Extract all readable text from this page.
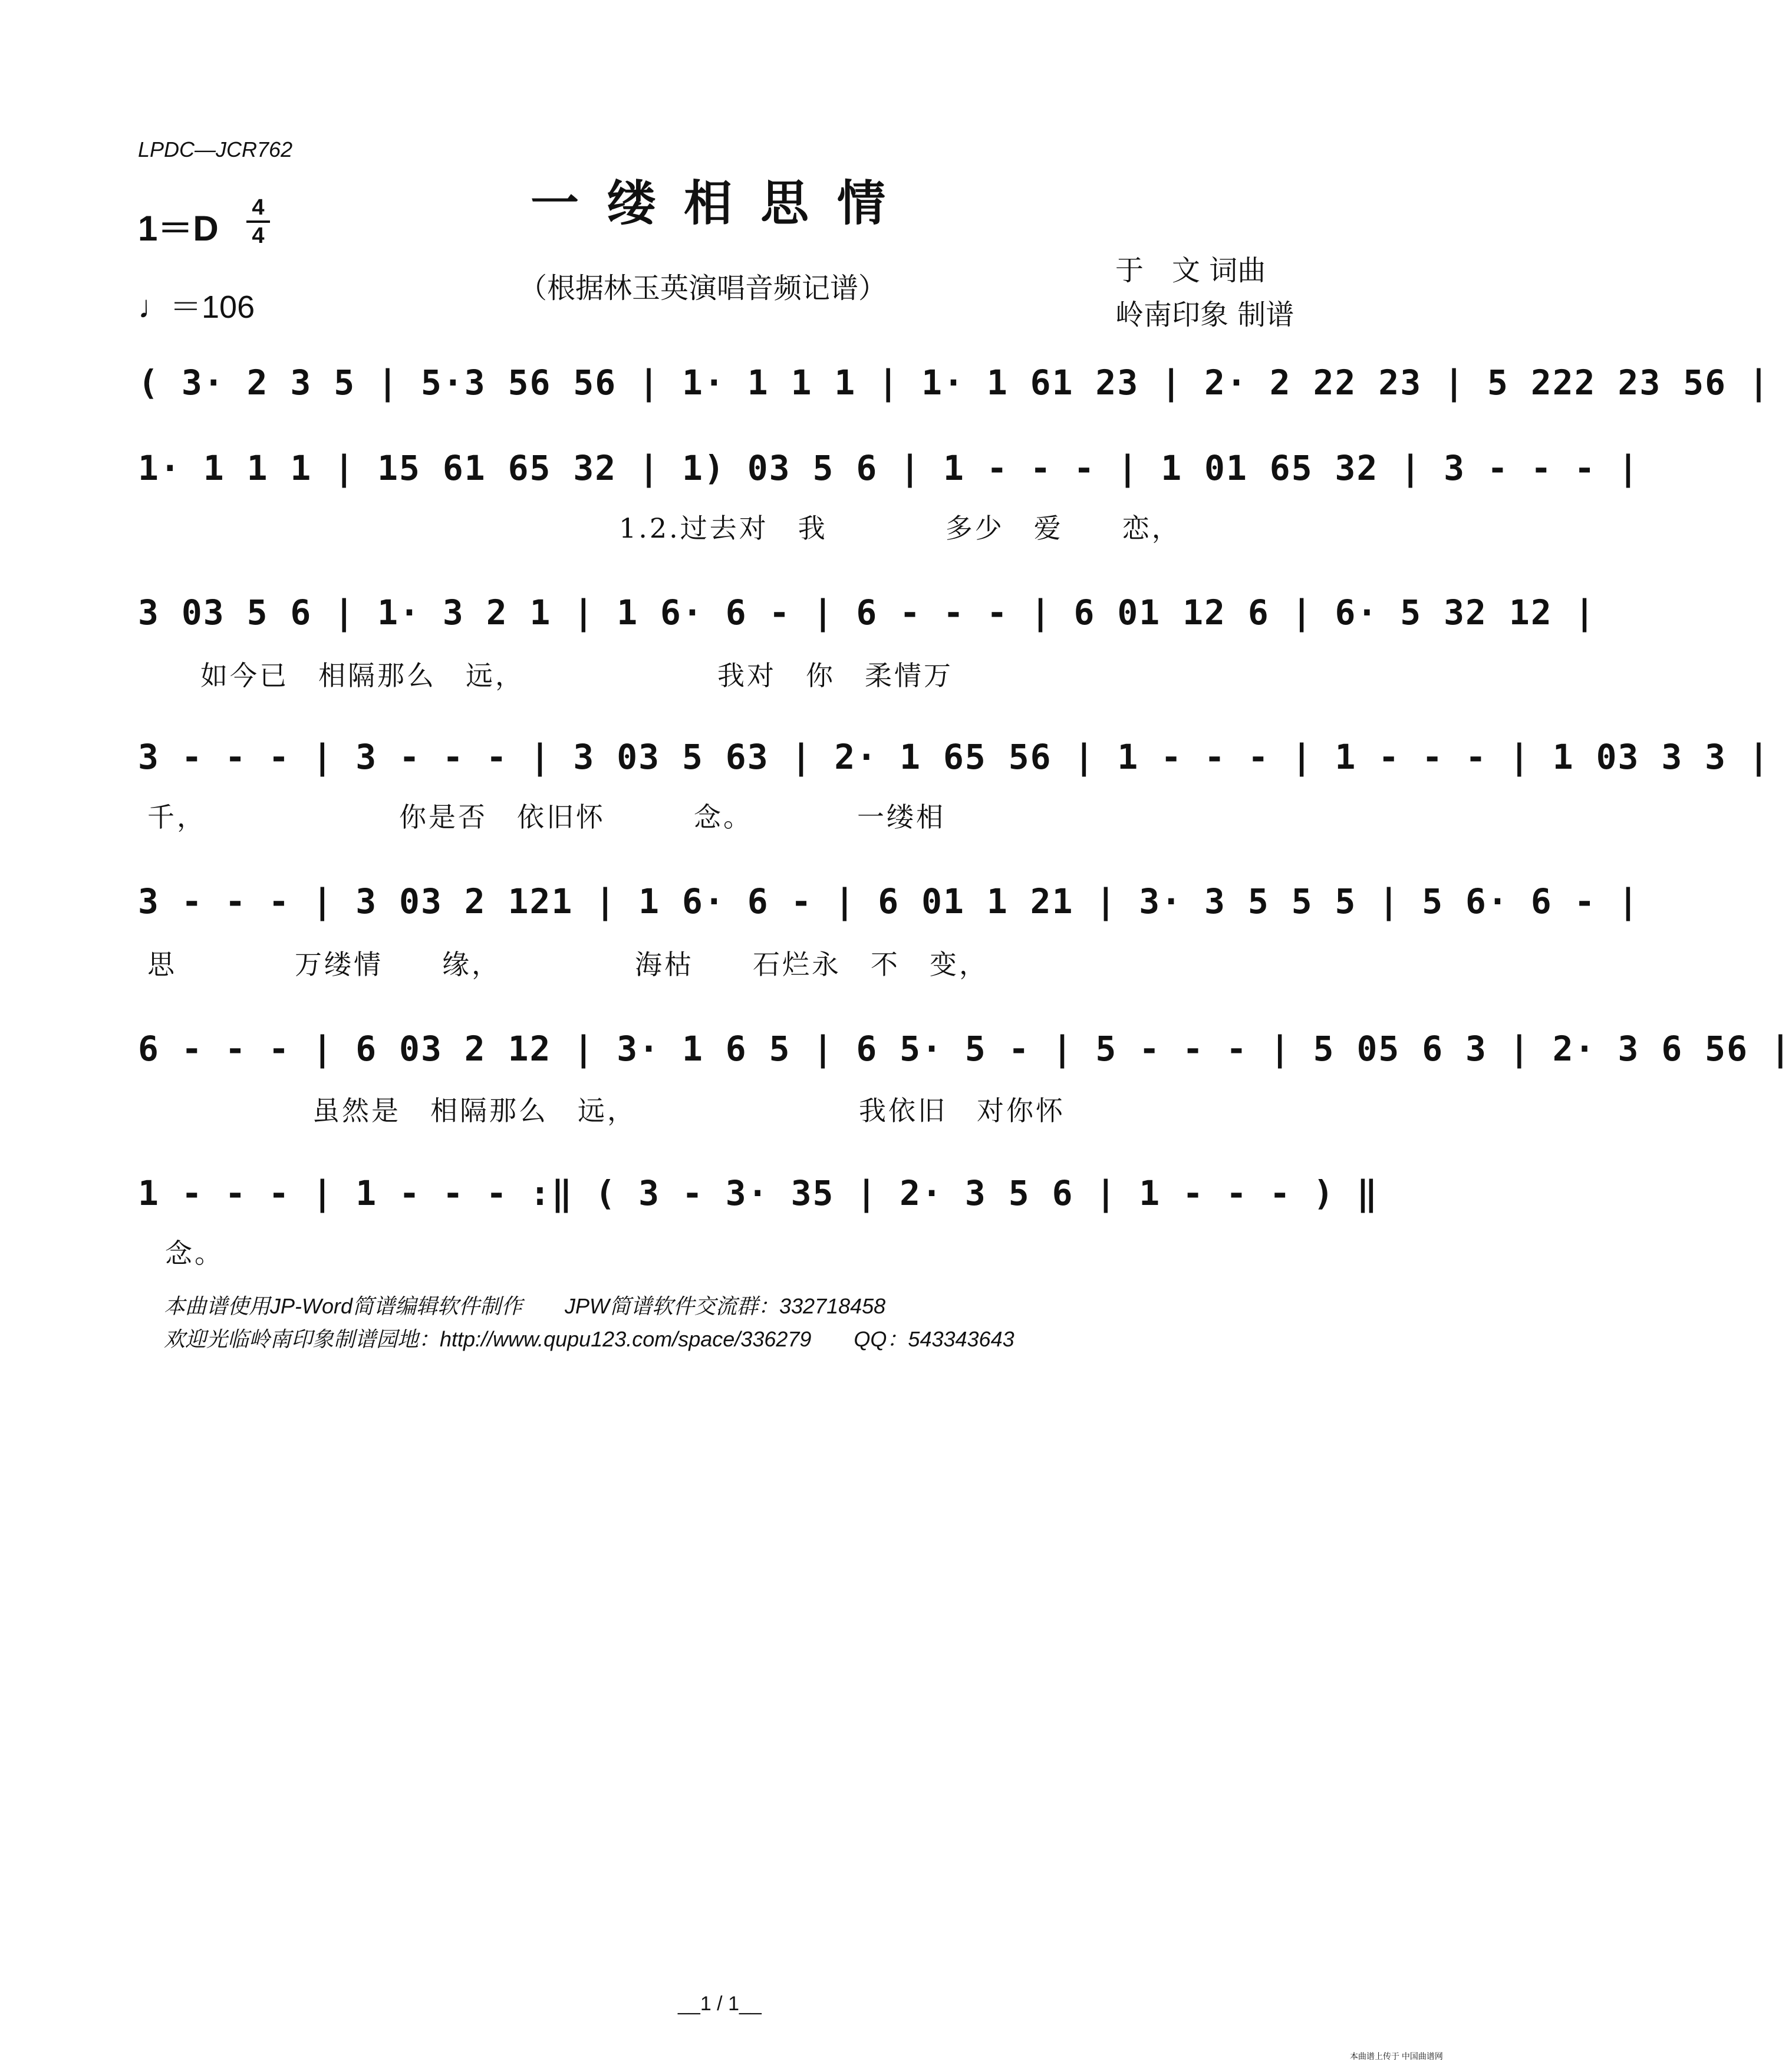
LPDC—JCR762
一缕相思情
（根据林玉英演唱音频记谱）
1＝D
4
4
♩＝106
于　文 词曲
岭南印象 制谱
( 3· 2 3 5 | 5·3 56 56 | 1· 1 1 1 | 1· 1 61 23 | 2· 2 22 23 | 5 222 23 56 |
1· 1 1 1 | 15 61 65 32 | 1) 03 5 6 | 1 - - - | 1 01 65 32 | 3 - - - |
1.2.过去对　我　　　　多少　爱　　恋，
3 03 5 6 | 1· 3 2 1 | 1 6· 6 - | 6 - - - | 6 01 12 6 | 6· 5 32 12 |
如今已　相隔那么　远，　　　　　　　我对　你　柔情万
3 - - - | 3 - - - | 3 03 5 63 | 2· 1 65 56 | 1 - - - | 1 - - - | 1 03 3 3 |
千，　　　　　　　你是否　依旧怀　　　念。　　　　一缕相
3 - - - | 3 03 2 121 | 1 6· 6 - | 6 01 1 21 | 3· 3 5 5 5 | 5 6· 6 - |
思　　　　万缕情　　缘，　　　　　海枯　　石烂永　不　变，
6 - - - | 6 03 2 12 | 3· 1 6 5 | 6 5· 5 - | 5 - - - | 5 05 6 3 | 2· 3 6 56 |
虽然是　相隔那么　远，　　　　　　　　我依旧　对你怀
1 - - - | 1 - - - :‖ ( 3 - 3· 35 | 2· 3 5 6 | 1 - - - ) ‖
念。
本曲谱使用JP-Word简谱编辑软件制作　　JPW简谱软件交流群：332718458
欢迎光临岭南印象制谱园地：http://www.qupu123.com/space/336279　　QQ：543343643
__1 / 1__
本曲谱上传于 中国曲谱网
